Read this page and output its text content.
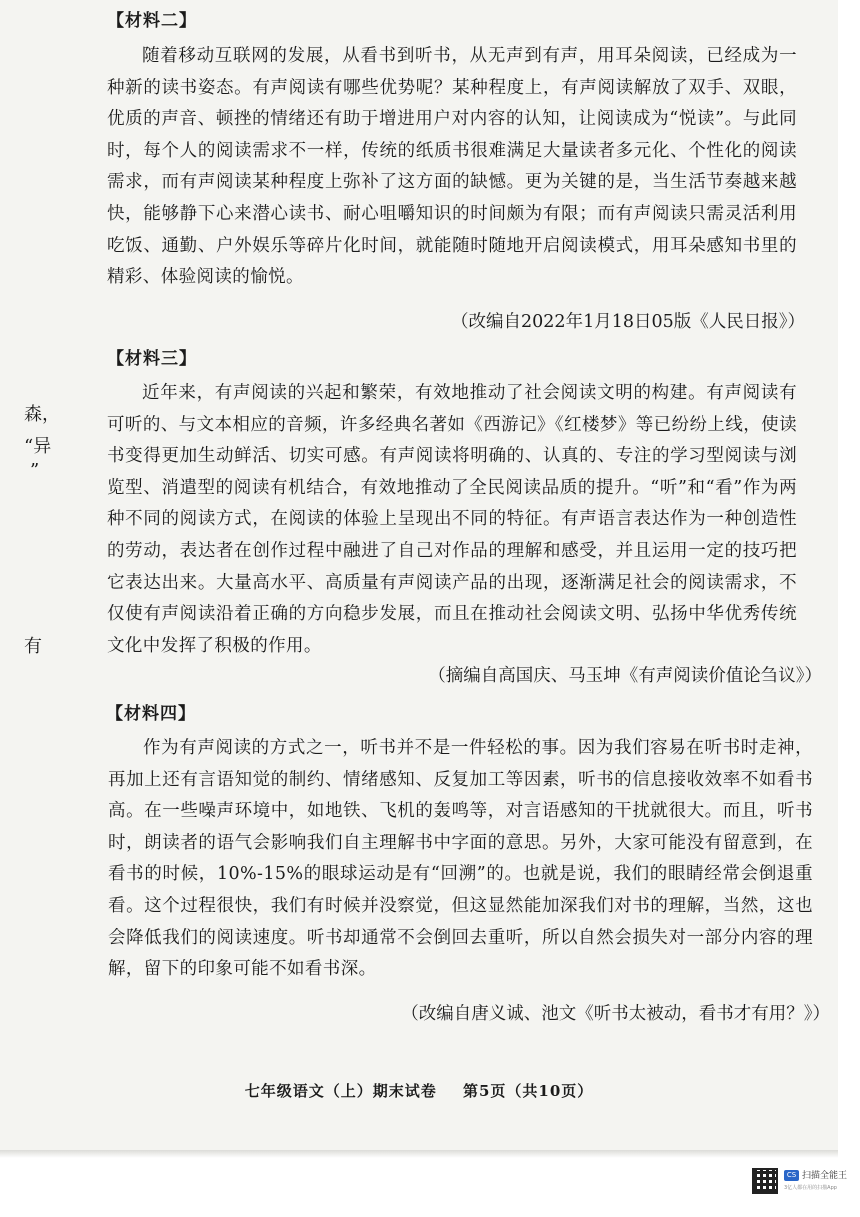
【材料二】
随着移动互联网的发展，从看书到听书，从无声到有声，用耳朵阅读，已经成为一种新的读书姿态。有声阅读有哪些优势呢？某种程度上，有声阅读解放了双手、双眼，优质的声音、顿挫的情绪还有助于增进用户对内容的认知，让阅读成为“悦读”。与此同时，每个人的阅读需求不一样，传统的纸质书很难满足大量读者多元化、个性化的阅读需求，而有声阅读某种程度上弥补了这方面的缺憾。更为关键的是，当生活节奏越来越快，能够静下心来潜心读书、耐心咀嚼知识的时间颇为有限；而有声阅读只需灵活利用吃饭、通勤、户外娱乐等碎片化时间，就能随时随地开启阅读模式，用耳朵感知书里的精彩、体验阅读的愉悦。
（改编自2022年1月18日05版《人民日报》）
【材料三】
近年来，有声阅读的兴起和繁荣，有效地推动了社会阅读文明的构建。有声阅读有可听的、与文本相应的音频，许多经典名著如《西游记》《红楼梦》等已纷纷上线，使读书变得更加生动鲜活、切实可感。有声阅读将明确的、认真的、专注的学习型阅读与浏览型、消遣型的阅读有机结合，有效地推动了全民阅读品质的提升。“听”和“看”作为两种不同的阅读方式，在阅读的体验上呈现出不同的特征。有声语言表达作为一种创造性的劳动，表达者在创作过程中融进了自己对作品的理解和感受，并且运用一定的技巧把它表达出来。大量高水平、高质量有声阅读产品的出现，逐渐满足社会的阅读需求，不仅使有声阅读沿着正确的方向稳步发展，而且在推动社会阅读文明、弘扬中华优秀传统文化中发挥了积极的作用。
（摘编自高国庆、马玉坤《有声阅读价值论刍议》）
【材料四】
作为有声阅读的方式之一，听书并不是一件轻松的事。因为我们容易在听书时走神，再加上还有言语知觉的制约、情绪感知、反复加工等因素，听书的信息接收效率不如看书高。在一些噪声环境中，如地铁、飞机的轰鸣等，对言语感知的干扰就很大。而且，听书时，朗读者的语气会影响我们自主理解书中字面的意思。另外，大家可能没有留意到，在看书的时候，10%-15%的眼球运动是有“回溯”的。也就是说，我们的眼睛经常会倒退重看。这个过程很快，我们有时候并没察觉，但这显然能加深我们对书的理解，当然，这也会降低我们的阅读速度。听书却通常不会倒回去重听，所以自然会损失对一部分内容的理解，留下的印象可能不如看书深。
（改编自唐义诚、池文《听书太被动，看书才有用？》）
森，
“异
”
有
七年级语文（上）期末试卷 第5页（共10页）
CS 扫描全能王
3亿人都在用的扫描App
